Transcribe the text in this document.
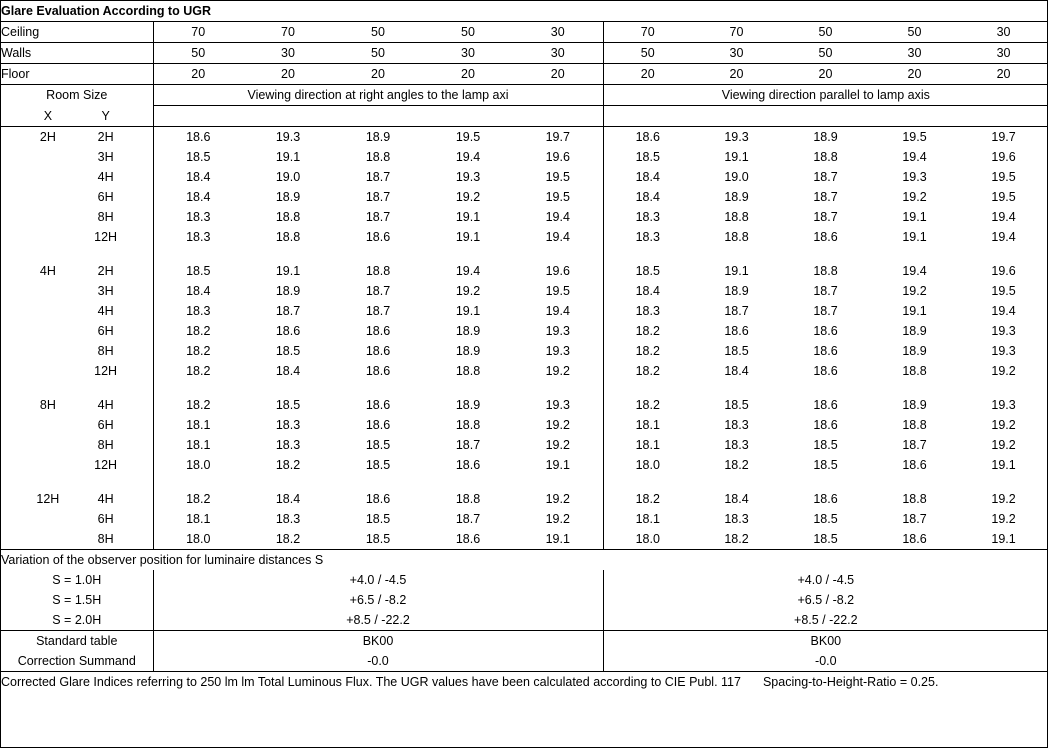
Glare Evaluation According to UGR										
Ceiling	70	70	50	50	30	70	70	50	50	30
Walls	50	30	50	30	30	50	30	50	30	30
Floor	20	20	20	20	20	20	20	20	20	20
Room Size	Viewing direction at right angles to the lamp axi					Viewing direction parallel to lamp axis				

X Y										

2H 2H	18.6	19.3	18.9	19.5	19.7	18.6	19.3	18.9	19.5	19.7

3H	18.5	19.1	18.8	19.4	19.6	18.5	19.1	18.8	19.4	19.6

4H	18.4	19.0	18.7	19.3	19.5	18.4	19.0	18.7	19.3	19.5

6H	18.4	18.9	18.7	19.2	19.5	18.4	18.9	18.7	19.2	19.5

8H	18.3	18.8	18.7	19.1	19.4	18.3	18.8	18.7	19.1	19.4

12H	18.3	18.8	18.6	19.1	19.4	18.3	18.8	18.6	19.1	19.4

4H 2H	18.5	19.1	18.8	19.4	19.6	18.5	19.1	18.8	19.4	19.6

3H	18.4	18.9	18.7	19.2	19.5	18.4	18.9	18.7	19.2	19.5

4H	18.3	18.7	18.7	19.1	19.4	18.3	18.7	18.7	19.1	19.4

6H	18.2	18.6	18.6	18.9	19.3	18.2	18.6	18.6	18.9	19.3

8H	18.2	18.5	18.6	18.9	19.3	18.2	18.5	18.6	18.9	19.3

12H	18.2	18.4	18.6	18.8	19.2	18.2	18.4	18.6	18.8	19.2

8H 4H	18.2	18.5	18.6	18.9	19.3	18.2	18.5	18.6	18.9	19.3

6H	18.1	18.3	18.6	18.8	19.2	18.1	18.3	18.6	18.8	19.2

8H	18.1	18.3	18.5	18.7	19.2	18.1	18.3	18.5	18.7	19.2

12H	18.0	18.2	18.5	18.6	19.1	18.0	18.2	18.5	18.6	19.1

12H 4H	18.2	18.4	18.6	18.8	19.2	18.2	18.4	18.6	18.8	19.2

6H	18.1	18.3	18.5	18.7	19.2	18.1	18.3	18.5	18.7	19.2

8H	18.0	18.2	18.5	18.6	19.1	18.0	18.2	18.5	18.6	19.1
Variation of the observer position for luminaire distances S										
S = 1.0H	+4.0 / -4.5					+4.0 / -4.5				
S = 1.5H	+6.5 / -8.2					+6.5 / -8.2				
S = 2.0H	+8.5 / -22.2					+8.5 / -22.2				
Standard table	BK00					BK00				
Correction Summand	-0.0					-0.0				

Corrected Glare Indices referring to 250 lm lm Total Luminous Flux. The UGR values have been calculated according to CIE Publ. 117 Spacing-to-Height-Ratio = 0.25.										
